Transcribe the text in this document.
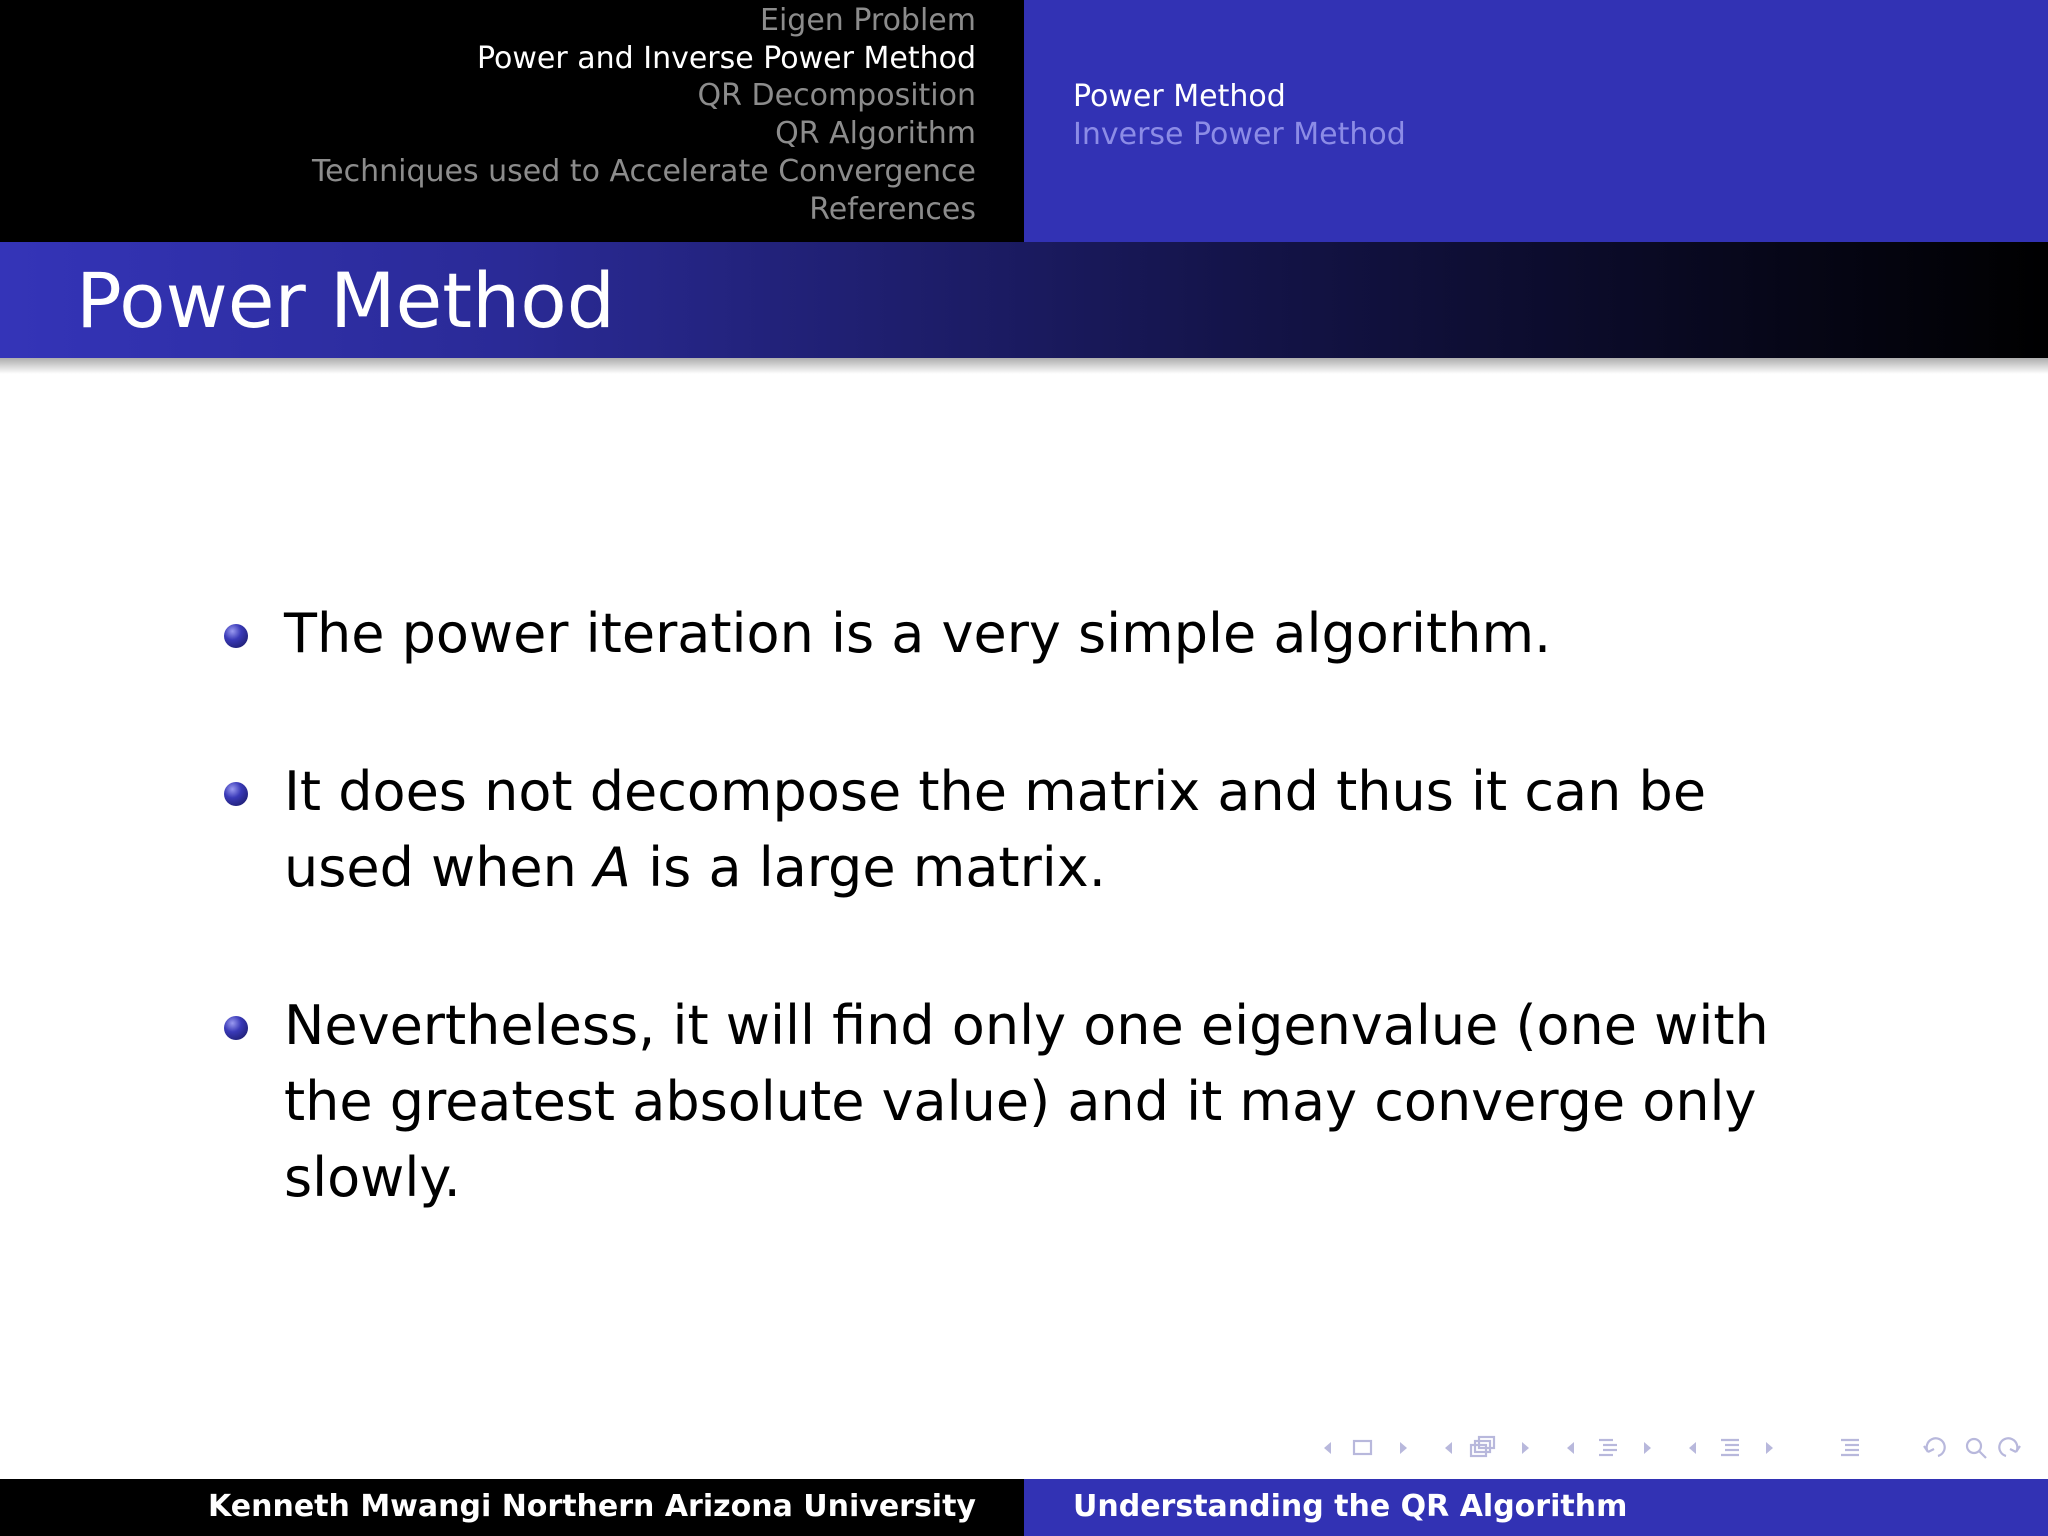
Eigen Problem
Power and Inverse Power Method
QR Decomposition
QR Algorithm
Techniques used to Accelerate Convergence
References
Power Method
Inverse Power Method
Power Method
The power iteration is a very simple algorithm.
It does not decompose the matrix and thus it can be used when A is a large matrix.
Nevertheless, it will find only one eigenvalue (one with the greatest absolute value) and it may converge only slowly.
Kenneth Mwangi Northern Arizona University	Understanding the QR Algorithm
